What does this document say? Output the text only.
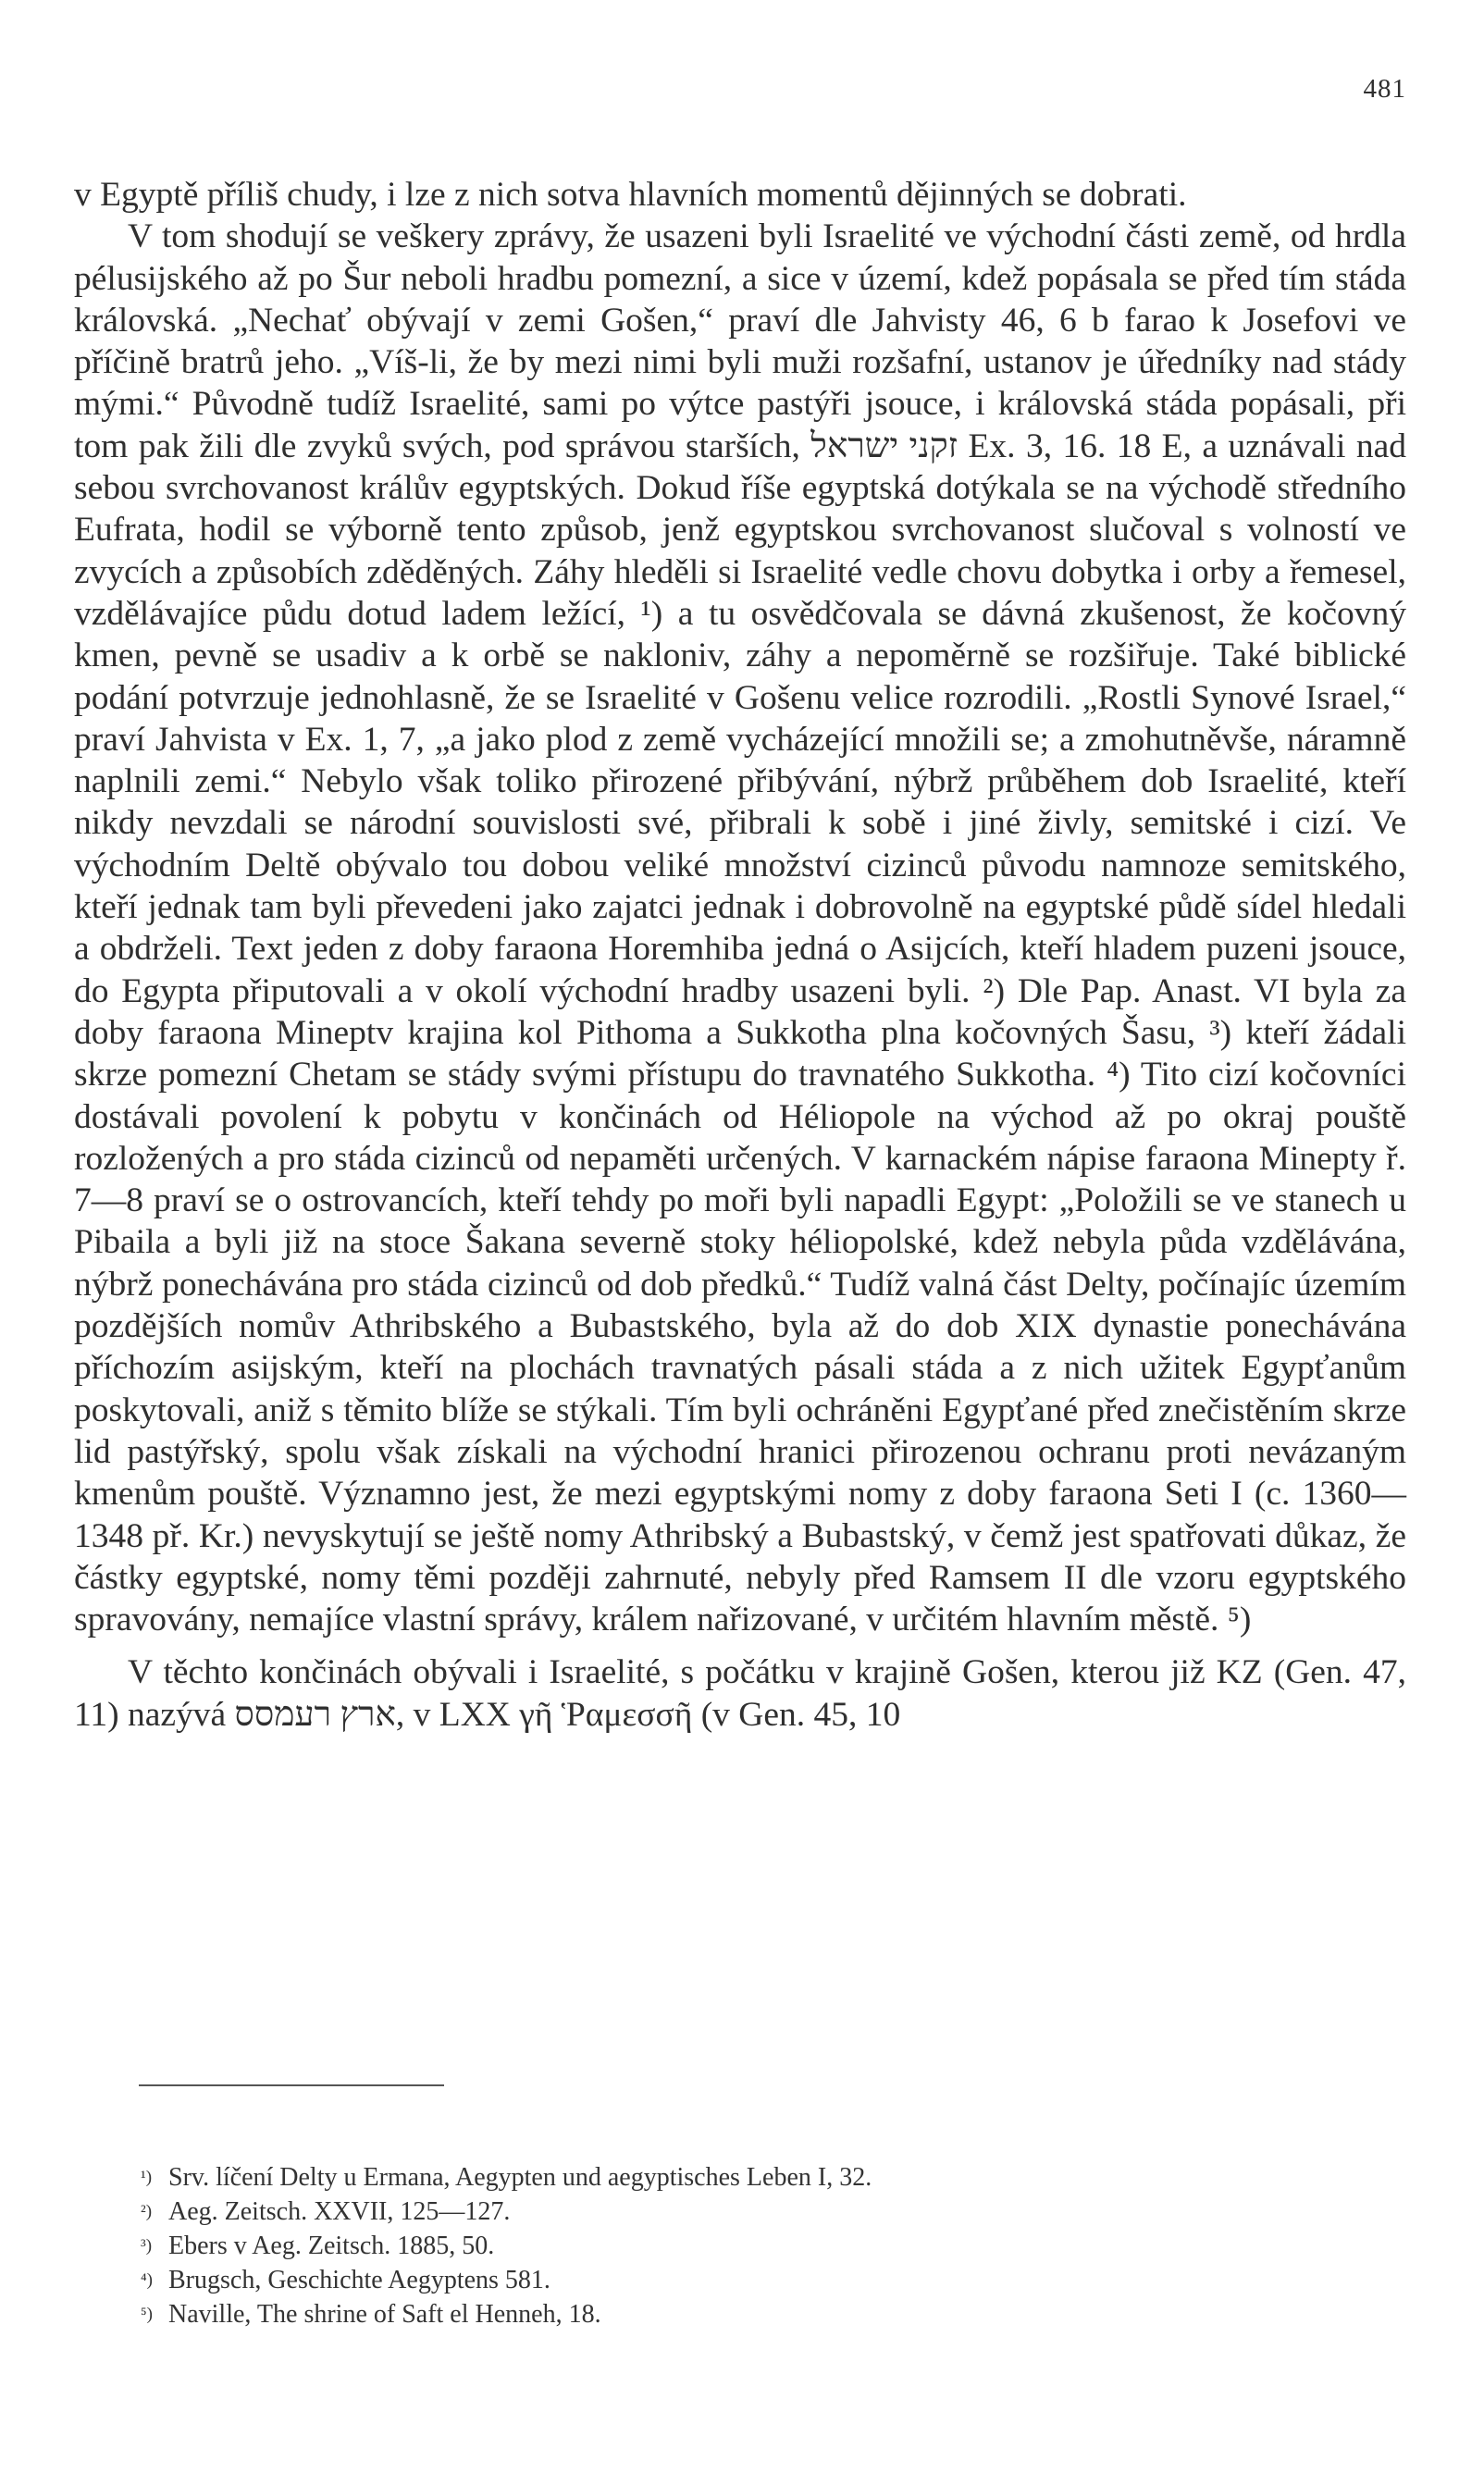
481

v Egyptě příliš chudy, i lze z nich sotva hlavních momentů dějinných se dobrati.

V tom shodují se veškery zprávy, že usazeni byli Israelité ve východní části země, od hrdla pélusijského až po Šur neboli hradbu pomezní, a sice v území, kdež popásala se před tím stáda královská. „Nechať obývají v zemi Gošen,“ praví dle Jahvisty 46, 6 b farao k Josefovi ve příčině bratrů jeho. „Víš-li, že by mezi nimi byli muži rozšafní, ustanov je úředníky nad stády mými.“ Původně tudíž Israelité, sami po výtce pastýři jsouce, i královská stáda popásali, při tom pak žili dle zvyků svých, pod správou starších, זקני ישראל Ex. 3, 16. 18 E, a uznávali nad sebou svrchovanost králův egyptských. Dokud říše egyptská dotýkala se na východě středního Eufrata, hodil se výborně tento způsob, jenž egyptskou svrchovanost slučoval s volností ve zvycích a způsobích zděděných. Záhy hleděli si Israelité vedle chovu dobytka i orby a řemesel, vzdělávajíce půdu dotud ladem ležící, ¹) a tu osvědčovala se dávná zkušenost, že kočovný kmen, pevně se usadiv a k orbě se nakloniv, záhy a nepoměrně se rozšiřuje. Také biblické podání potvrzuje jednohlasně, že se Israelité v Gošenu velice rozrodili. „Rostli Synové Israel,“ praví Jahvista v Ex. 1, 7, „a jako plod z země vycházející množili se; a zmohutněvše, náramně naplnili zemi.“ Nebylo však toliko přirozené přibývání, nýbrž průběhem dob Israelité, kteří nikdy nevzdali se národní souvislosti své, přibrali k sobě i jiné živly, semitské i cizí. Ve východním Deltě obývalo tou dobou veliké množství cizinců původu namnoze semitského, kteří jednak tam byli převedeni jako zajatci jednak i dobrovolně na egyptské půdě sídel hledali a obdrželi. Text jeden z doby faraona Horemhiba jedná o Asijcích, kteří hladem puzeni jsouce, do Egypta připutovali a v okolí východní hradby usazeni byli. ²) Dle Pap. Anast. VI byla za doby faraona Mineptv krajina kol Pithoma a Sukkotha plna kočovných Šasu, ³) kteří žádali skrze pomezní Chetam se stády svými přístupu do travnatého Sukkotha. ⁴) Tito cizí kočovníci dostávali povolení k pobytu v končinách od Héliopole na východ až po okraj pouště rozložených a pro stáda cizinců od nepaměti určených. V karnackém nápise faraona Minepty ř. 7—8 praví se o ostrovancích, kteří tehdy po moři byli napadli Egypt: „Položili se ve stanech u Pibaila a byli již na stoce Šakana severně stoky héliopolské, kdež nebyla půda vzdělávána, nýbrž ponechávána pro stáda cizinců od dob předků.“ Tudíž valná část Delty, počínajíc územím pozdějších nomův Athribského a Bubastského, byla až do dob XIX dynastie ponechávána příchozím asijským, kteří na plochách travnatých pásali stáda a z nich užitek Egypťanům poskytovali, aniž s těmito blíže se stýkali. Tím byli ochráněni Egypťané před znečistěním skrze lid pastýřský, spolu však získali na východní hranici přirozenou ochranu proti nevázaným kmenům pouště. Významno jest, že mezi egyptskými nomy z doby faraona Seti I (c. 1360—1348 př. Kr.) nevyskytují se ještě nomy Athribský a Bubastský, v čemž jest spatřovati důkaz, že částky egyptské, nomy těmi později zahrnuté, nebyly před Ramsem II dle vzoru egyptského spravovány, nemajíce vlastní správy, králem nařizované, v určitém hlavním městě. ⁵)

V těchto končinách obývali i Israelité, s počátku v krajině Gošen, kterou již KZ (Gen. 47, 11) nazývá ארץ רעמסס, v LXX γῆ Ῥαμεσσῆ (v Gen. 45, 10

¹) Srv. líčení Delty u Ermana, Aegypten und aegyptisches Leben I, 32.
²) Aeg. Zeitsch. XXVII, 125—127.
³) Ebers v Aeg. Zeitsch. 1885, 50.
⁴) Brugsch, Geschichte Aegyptens 581.
⁵) Naville, The shrine of Saft el Henneh, 18.
